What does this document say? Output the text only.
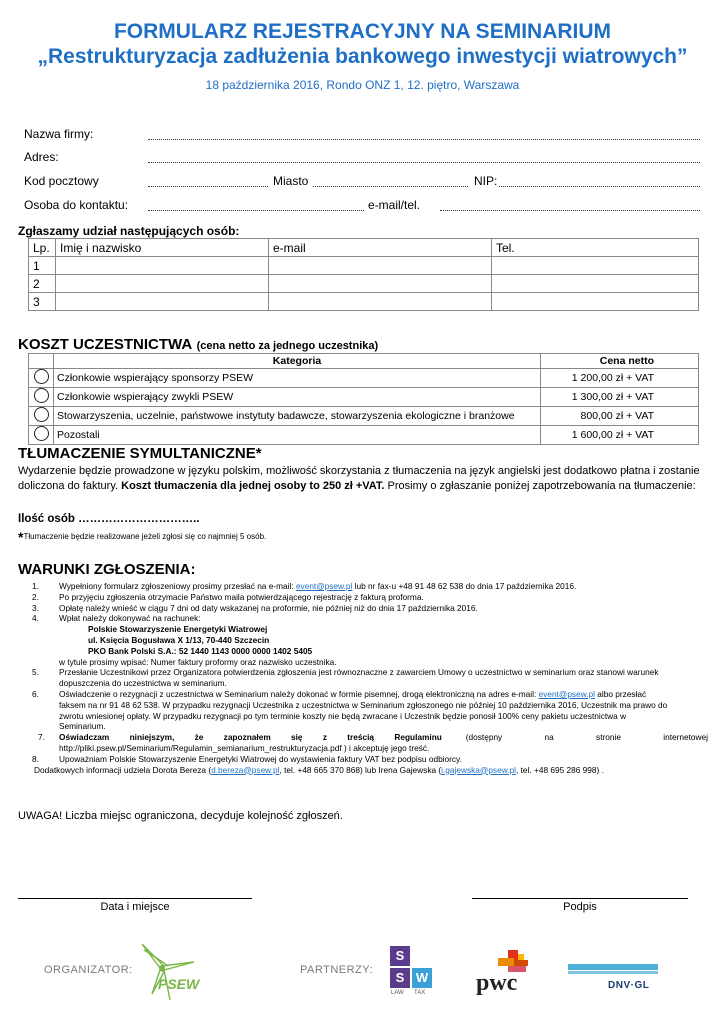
FORMULARZ REJESTRACYJNY NA SEMINARIUM
„Restrukturyzacja zadłużenia bankowego inwestycji wiatrowych”
18 października 2016, Rondo ONZ 1, 12. piętro, Warszawa
Nazwa firmy:
Adres:
Kod pocztowy	Miasto	NIP:
Osoba do kontaktu:	e-mail/tel.
Zgłaszamy udział następujących osób:
Lp.	Imię i nazwisko	e-mail	Tel.
1			
2			
3			
KOSZT UCZESTNICTWA (cena netto za jednego uczestnika)
	Kategoria	Cena netto
	Członkowie wspierający sponsorzy PSEW	1 200,00 zł + VAT
	Członkowie wspierający zwykli PSEW	1 300,00 zł + VAT
	Stowarzyszenia, uczelnie, państwowe instytuty badawcze, stowarzyszenia ekologiczne i branżowe	800,00 zł + VAT
	Pozostali	1 600,00 zł + VAT
TŁUMACZENIE SYMULTANICZNE*
Wydarzenie będzie prowadzone w języku polskim, możliwość skorzystania z tłumaczenia na język angielski jest dodatkowo płatna i zostanie doliczona do faktury. Koszt tłumaczenia dla jednej osoby to 250 zł +VAT. Prosimy o zgłaszanie poniżej zapotrzebowania na tłumaczenie:
Ilość osób …………………………..
*Tłumaczenie będzie realizowane jeżeli zgłosi się co najmniej 5 osób.
WARUNKI ZGŁOSZENIA:
1. Wypełniony formularz zgłoszeniowy prosimy przesłać na e-mail: event@psew.pl lub nr fax-u +48 91 48 62 538 do dnia 17 października 2016.
2. Po przyjęciu zgłoszenia otrzymacie Państwo maila potwierdzającego rejestrację z fakturą proforma.
3. Opłatę należy wnieść w ciągu 7 dni od daty wskazanej na proformie, nie później niż do dnia 17 października 2016.
4. Wpłat należy dokonywać na rachunek:
Polskie Stowarzyszenie Energetyki Wiatrowej
ul. Księcia Bogusława X 1/13, 70-440 Szczecin
PKO Bank Polski S.A.: 52 1440 1143 0000 0000 1402 5405
w tytule prosimy wpisać: Numer faktury proformy oraz nazwisko uczestnika.
5. Przesłanie Uczestnikowi przez Organizatora potwierdzenia zgłoszenia jest równoznaczne z zawarciem Umowy o uczestnictwo w seminarium oraz stanowi warunek
dopuszczenia do uczestnictwa w seminarium.
6. Oświadczenie o rezygnacji z uczestnictwa w Seminarium należy dokonać w formie pisemnej, drogą elektroniczną na adres e-mail: event@psew.pl albo przesłać
faksem na nr 91 48 62 538. W przypadku rezygnacji Uczestnika z uczestnictwa w Seminarium zgłoszonego nie później 10 października 2016, Uczestnik ma prawo do
zwrotu wniesionej opłaty. W przypadku rezygnacji po tym terminie koszty nie będą zwracane i Uczestnik będzie ponosił 100% ceny pakietu uczestnictwa w
Seminarium.
7. Oświadczam niniejszym, że zapoznałem się z treścią Regulaminu	(dostępny na stronie internetowej
http://pliki.psew.pl/Seminarium/Regulamin_semianarium_restrukturyzacja.pdf ) i akceptuję jego treść.
8. Upoważniam Polskie Stowarzyszenie Energetyki Wiatrowej do wystawienia faktury VAT bez podpisu odbiorcy.
Dodatkowych informacji udziela Dorota Bereza (d.bereza@psew.pl, tel. +48 665 370 868) lub Irena Gajewska (i.gajewska@psew.pl, tel. +48 695 286 998) .
UWAGA! Liczba miejsc ograniczona, decyduje kolejność zgłoszeń.
Data i miejsce	Podpis
ORGANIZATOR:
PSEW
PARTNERZY:
S
S W
LAW TAX pwc	DNV·GL
